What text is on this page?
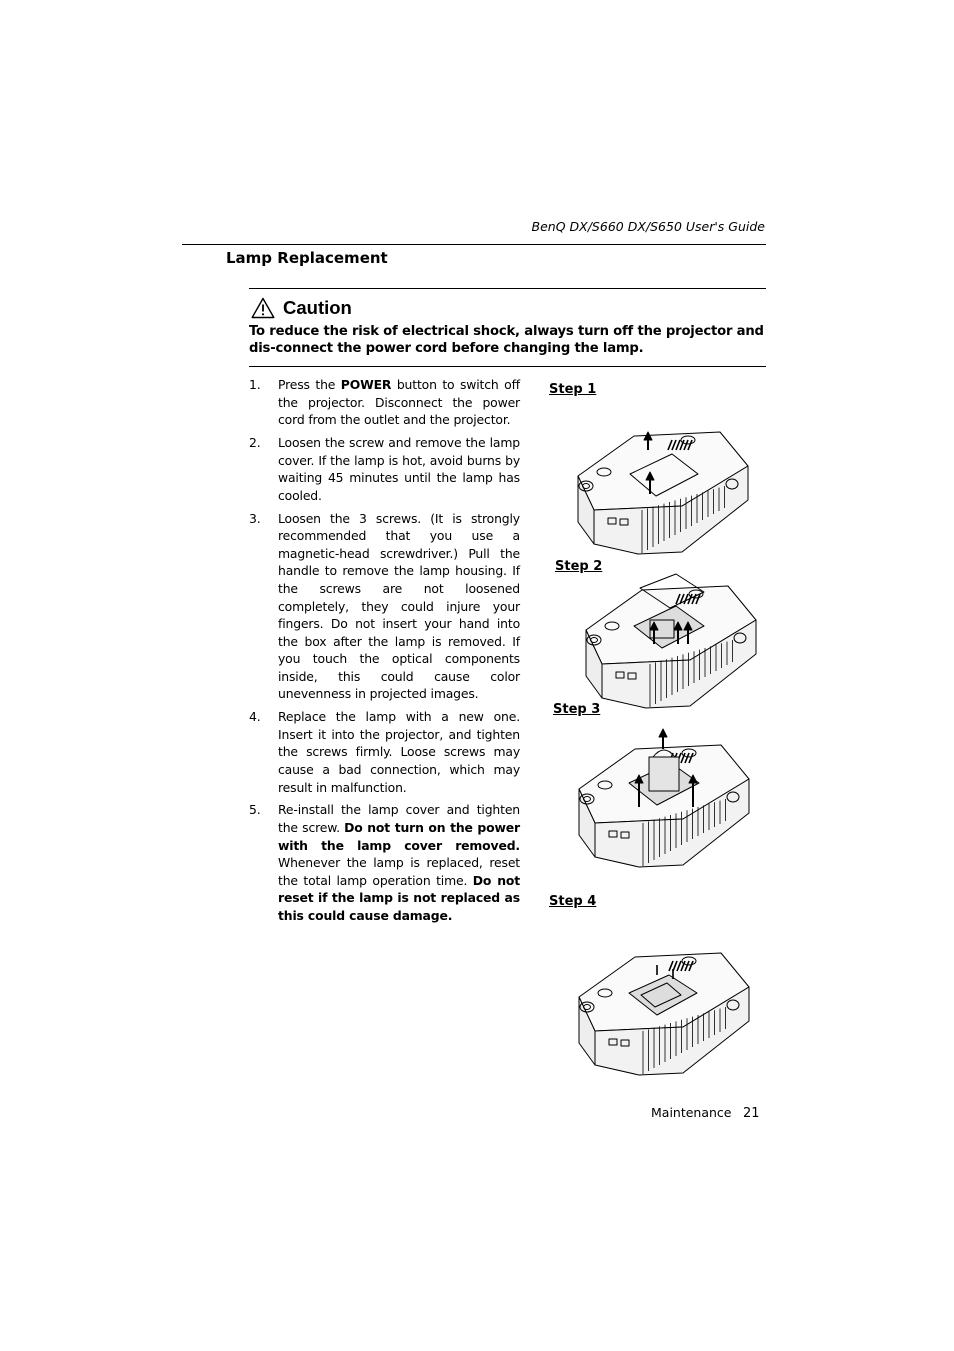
BenQ DX/S660 DX/S650 User's Guide
Lamp Replacement
Caution
To reduce the risk of electrical shock, always turn off the projector and dis-connect the power cord before changing the lamp.
1. Press the POWER button to switch off the projector. Disconnect the power cord from the outlet and the projector.
2. Loosen the screw and remove the lamp cover. If the lamp is hot, avoid burns by waiting 45 minutes until the lamp has cooled.
3. Loosen the 3 screws. (It is strongly recommended that you use a magnetic-head screwdriver.) Pull the handle to remove the lamp housing. If the screws are not loosened completely, they could injure your fingers. Do not insert your hand into the box after the lamp is removed. If you touch the optical components inside, this could cause color unevenness in projected images.
4. Replace the lamp with a new one. Insert it into the projector, and tighten the screws firmly. Loose screws may cause a bad connection, which may result in malfunction.
5. Re-install the lamp cover and tighten the screw. Do not turn on the power with the lamp cover removed. Whenever the lamp is replaced, reset the total lamp operation time. Do not reset if the lamp is not replaced as this could cause damage.
Step 1
Step 2
Step 3
Step 4
Maintenance 21
